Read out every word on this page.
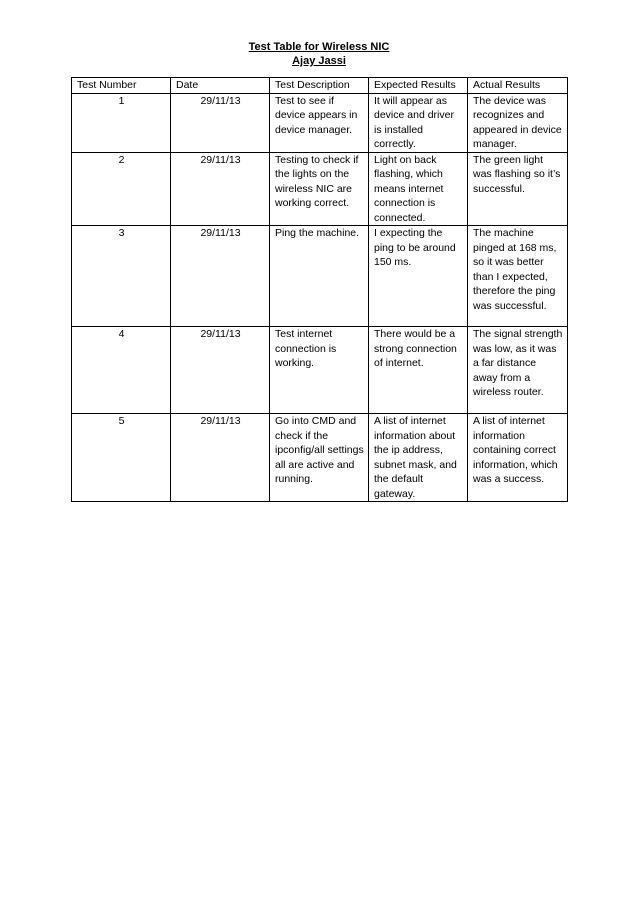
Test Table for Wireless NIC

Ajay Jassi

Test Number	Date	Test Description	Expected Results	Actual Results
1	29/11/13	Test to see if device appears in device manager.	It will appear as device and driver is installed correctly.	The device was recognizes and appeared in device manager.
2	29/11/13	Testing to check if the lights on the wireless NIC are working correct.	Light on back flashing, which means internet connection is connected.	The green light was flashing so it’s successful.
3	29/11/13	Ping the machine.	I expecting the ping to be around 150 ms.	The machine pinged at 168 ms, so it was better than I expected, therefore the ping was successful.
4	29/11/13	Test internet connection is working.	There would be a strong connection of internet.	The signal strength was low, as it was a far distance away from a wireless router.
5	29/11/13	Go into CMD and check if the ipconfig/all settings all are active and running.	A list of internet information about the ip address, subnet mask, and the default gateway.	A list of internet information containing correct information, which was a success.
